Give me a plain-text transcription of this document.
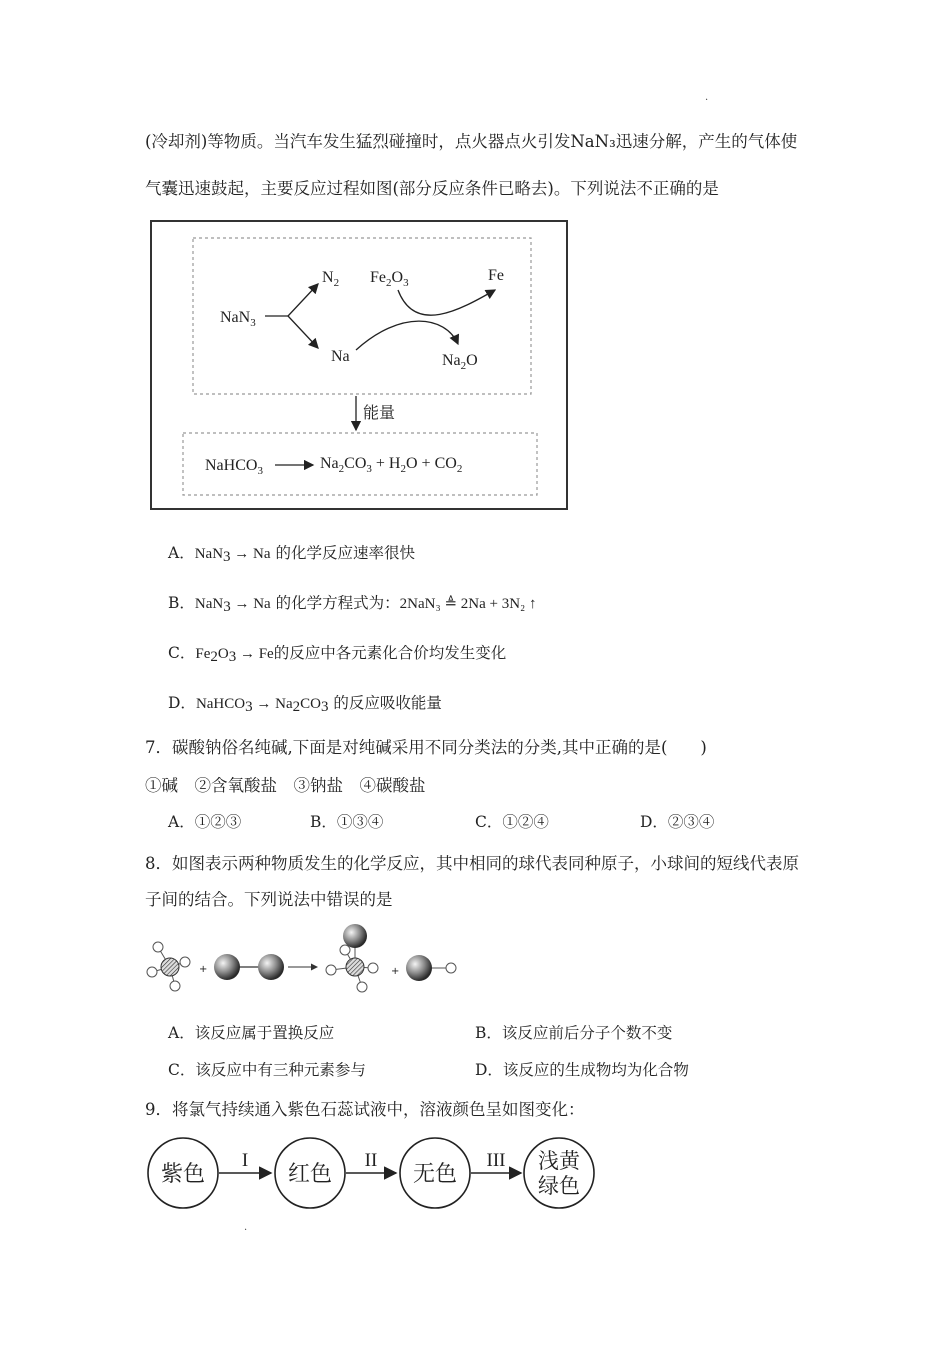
.
(冷却剂)等物质。当汽车发生猛烈碰撞时，点火器点火引发NaN₃迅速分解，产生的气体使
气囊迅速鼓起，主要反应过程如图(部分反应条件已略去)。下列说法不正确的是
NaN$_3$
$N_2$
Na
$Fe_2O_3$	Fe
$Na_2O$
能量
NaHCO$_3$	$Na_2CO_3 + H_2O + CO_2$
A．NaN$_3$ → Na 的化学反应速率很快
B．NaN$_3$ → Na 的化学方程式为：2NaN₃ ≜ 2Na + 3N₂ ↑
C．$Fe_2O_3 \to Fe$的反应中各元素化合价均发生变化
D．NaHCO$_3$ → $Na_2CO_3$ 的反应吸收能量
7．碳酸钠俗名纯碱,下面是对纯碱采用不同分类法的分类,其中正确的是(　　)
①碱　②含氧酸盐　③钠盐　④碳酸盐
A．①②③	B．①③④	C．①②④	D．②③④
8．如图表示两种物质发生的化学反应，其中相同的球代表同种原子，小球间的短线代表原
子间的结合。下列说法中错误的是
+	+
A．该反应属于置换反应	B．该反应前后分子个数不变
C．该反应中有三种元素参与	D．该反应的生成物均为化合物
9．将氯气持续通入紫色石蕊试液中，溶液颜色呈如图变化：
紫色
I
红色
II
无色
III 浅黄
绿色
.
